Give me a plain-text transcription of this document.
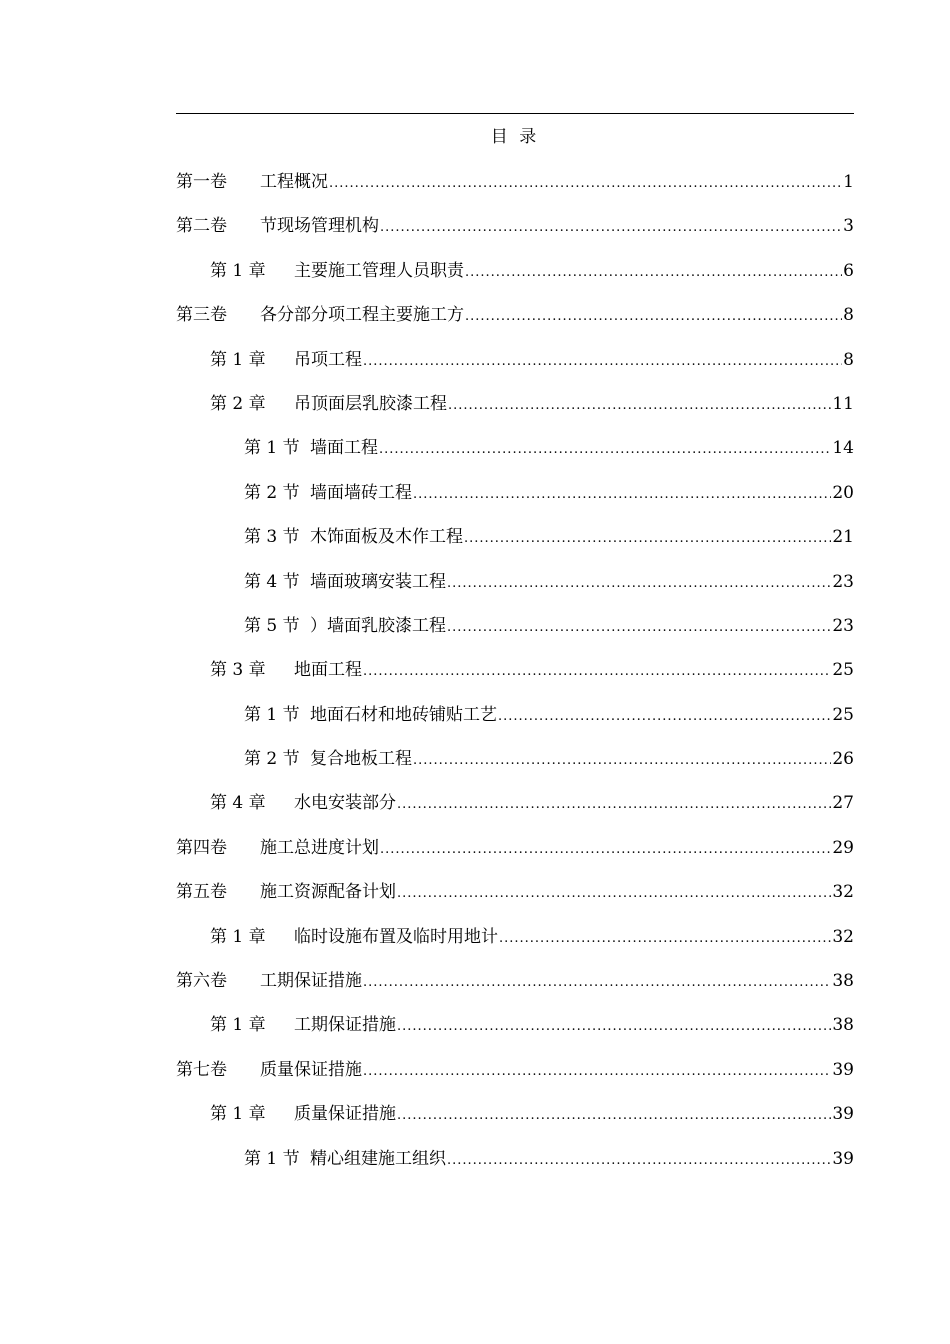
目 录
第一卷	工程概况 .....	1
第二卷	节现场管理机构 .....	3
第 1 章	主要施工管理人员职责 .....	6
第三卷	各分部分项工程主要施工方 .....	8
第 1 章	吊项工程 .....	8
第 2 章	吊顶面层乳胶漆工程 .....	11
第 1 节 墙面工程 .....	14
第 2 节 墙面墙砖工程 .....	20
第 3 节 木饰面板及木作工程 .....	21
第 4 节 墙面玻璃安装工程 .....	23
第 5 节 ）墙面乳胶漆工程 .....	23
第 3 章	地面工程 .....	25
第 1 节 地面石材和地砖铺贴工艺 .....	25
第 2 节 复合地板工程 .....	26
第 4 章	水电安装部分 .....	27
第四卷	施工总进度计划 .....	29
第五卷	施工资源配备计划 .....	32
第 1 章	临时设施布置及临时用地计 .....	32
第六卷	工期保证措施 .....	38
第 1 章	工期保证措施 .....	38
第七卷	质量保证措施 .....	39
第 1 章	质量保证措施 .....	39
第 1 节 精心组建施工组织 .....	39
